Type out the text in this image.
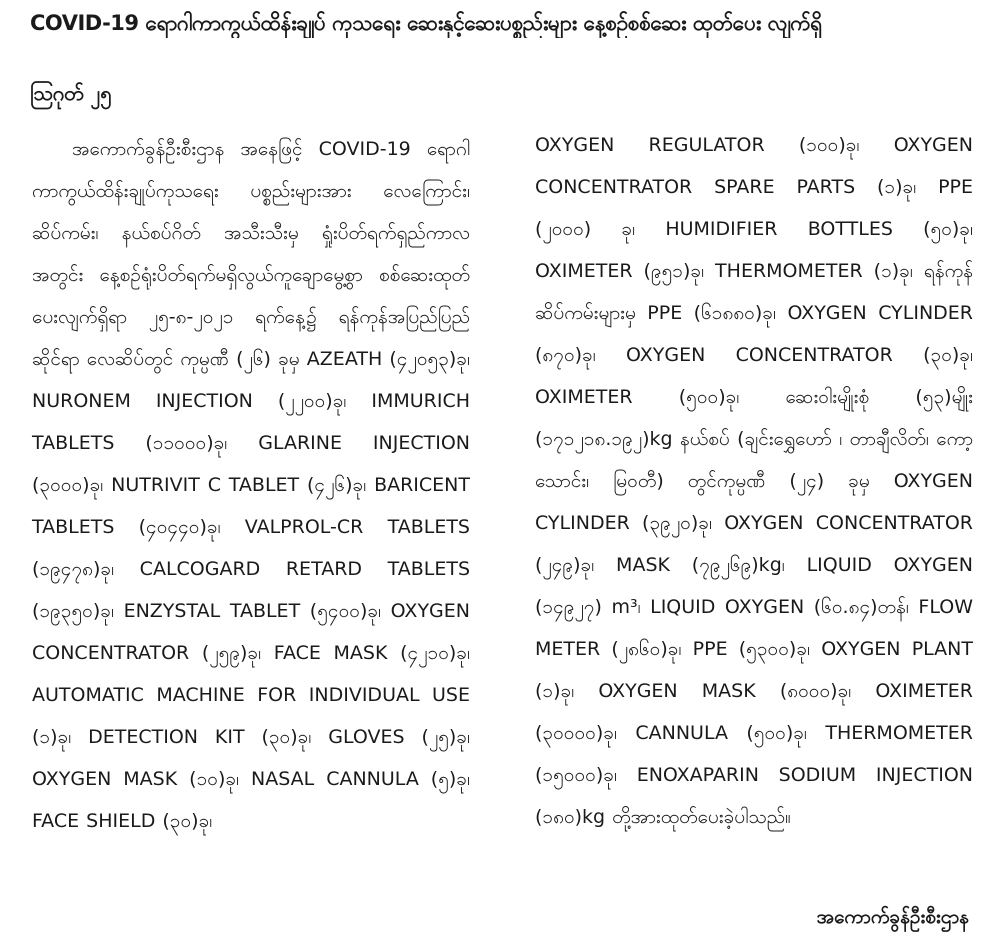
COVID-19 ရောဂါကာကွယ်ထိန်းချုပ် ကုသရေး ဆေးနှင့်ဆေးပစ္စည်းများ နေ့စဉ်စစ်ဆေး ထုတ်ပေး လျက်ရှိ
ဩဂုတ် ၂၅
အကောက်ခွန်ဦးစီးဌာန အနေဖြင့် COVID-19 ရောဂါ ကာကွယ်ထိန်းချုပ်ကုသရေး ပစ္စည်းများအား လေကြောင်း၊ ဆိပ်ကမ်း၊ နယ်စပ်ဂိတ် အသီးသီးမှ ရှုံးပိတ်ရက်ရှည်ကာလအတွင်း နေ့စဉ်ရုံးပိတ်ရက်မရှိလွယ်ကူချောမွေ့စွာ စစ်ဆေးထုတ် ပေးလျက်ရှိရာ ၂၅-၈-၂၀၂၁ ရက်နေ့၌ ရန်ကုန်အပြည်ပြည်ဆိုင်ရာ လေဆိပ်တွင် ကုမ္ပဏီ (၂၆) ခုမှ AZEATH (၄၂၀၅၃)ခု၊ NURONEM INJECTION (၂၂၀၀)ခု၊ IMMURICH TABLETS (၁၁၀၀၀)ခု၊ GLARINE INJECTION (၃၀၀၀)ခု၊ NUTRIVIT C TABLET (၄၂၆)ခု၊ BARICENT TABLETS (၄၀၄၄၀)ခု၊ VALPROL-CR TABLETS (၁၉၄၇၈)ခု၊ CALCOGARD RETARD TABLETS (၁၉၃၅၀)ခု၊ ENZYSTAL TABLET (၅၄၀၀)ခု၊ OXYGEN CONCENTRATOR (၂၅၉)ခု၊ FACE MASK (၄၂၁၀)ခု၊ AUTOMATIC MACHINE FOR INDIVIDUAL USE (၁)ခု၊ DETECTION KIT (၃၀)ခု၊ GLOVES (၂၅)ခု၊ OXYGEN MASK (၁၀)ခု၊ NASAL CANNULA (၅)ခု၊ FACE SHIELD (၃၀)ခု၊
OXYGEN REGULATOR (၁၀၀)ခု၊ OXYGEN CONCENTRATOR SPARE PARTS (၁)ခု၊ PPE (၂၀၀၀) ခု၊ HUMIDIFIER BOTTLES (၅၀)ခု၊ OXIMETER (၉၅၁)ခု၊ THERMOMETER (၁)ခု၊ ရန်ကုန်ဆိပ်ကမ်းများမှ PPE (၆၁၈၈၀)ခု၊ OXYGEN CYLINDER (၈၇၀)ခု၊ OXYGEN CONCENTRATOR (၃၀)ခု၊ OXIMETER (၅၀၀)ခု၊ ဆေးဝါးမျိုးစုံ (၅၃)မျိုး (၁၇၁၂၁၈.၁၉၂)kg နယ်စပ် (ချင်းရွှေဟော် ၊ တာချီလိတ်၊ ကော့သောင်း၊ မြဝတီ) တွင်ကုမ္ပဏီ (၂၄) ခုမှ OXYGEN CYLINDER (၃၉၂၀)ခု၊ OXYGEN CONCENTRATOR (၂၄၉)ခု၊ MASK (၇၉၂၆၉)kg၊ LIQUID OXYGEN (၁၄၉၂၇) m³၊ LIQUID OXYGEN (၆၀.၈၄)တန်၊ FLOW METER (၂၈၆၀)ခု၊ PPE (၅၃၀၀)ခု၊ OXYGEN PLANT (၁)ခု၊ OXYGEN MASK (၈၀၀၀)ခု၊ OXIMETER (၃၀၀၀၀)ခု၊ CANNULA (၅၀၀)ခု၊ THERMOMETER (၁၅၀၀၀)ခု၊ ENOXAPARIN SODIUM INJECTION (၁၈၀)kg တို့အားထုတ်ပေးခဲ့ပါသည်။
အကောက်ခွန်ဦးစီးဌာန
